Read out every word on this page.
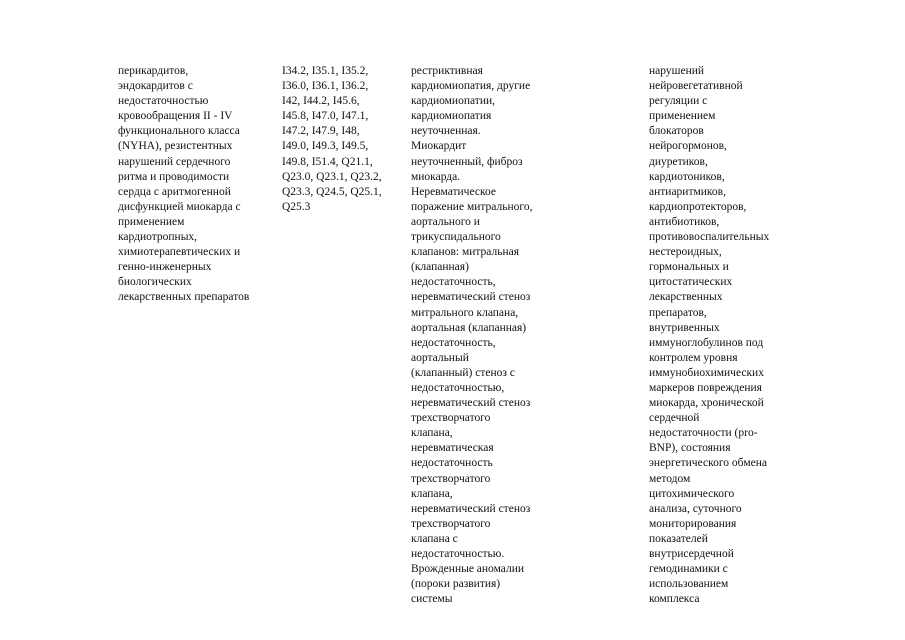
перикардитов,
эндокардитов с
недостаточностью
кровообращения II - IV
функционального класса
(NYHA), резистентных
нарушений сердечного
ритма и проводимости
сердца с аритмогенной
дисфункцией миокарда с
применением
кардиотропных,
химиотерапевтических и
генно-инженерных
биологических
лекарственных препаратов
I34.2, I35.1, I35.2,
I36.0, I36.1, I36.2,
I42, I44.2, I45.6,
I45.8, I47.0, I47.1,
I47.2, I47.9, I48,
I49.0, I49.3, I49.5,
I49.8, I51.4, Q21.1,
Q23.0, Q23.1, Q23.2,
Q23.3, Q24.5, Q25.1,
Q25.3
рестриктивная
кардиомиопатия, другие
кардиомиопатии,
кардиомиопатия
неуточненная.
Миокардит
неуточненный, фиброз
миокарда.
Неревматическое
поражение митрального,
аортального и
трикуспидального
клапанов: митральная
(клапанная)
недостаточность,
неревматический стеноз
митрального клапана,
аортальная (клапанная)
недостаточность,
аортальный
(клапанный) стеноз с
недостаточностью,
неревматический стеноз
трехстворчатого
клапана,
неревматическая
недостаточность
трехстворчатого
клапана,
неревматический стеноз
трехстворчатого
клапана с
недостаточностью.
Врожденные аномалии
(пороки развития)
системы
нарушений
нейровегетативной
регуляции с
применением
блокаторов
нейрогормонов,
диуретиков,
кардиотоников,
антиаритмиков,
кардиопротекторов,
антибиотиков,
противовоспалительных
нестероидных,
гормональных и
цитостатических
лекарственных
препаратов,
внутривенных
иммуноглобулинов под
контролем уровня
иммунобиохимических
маркеров повреждения
миокарда, хронической
сердечной
недостаточности (pro-
BNP), состояния
энергетического обмена
методом
цитохимического
анализа, суточного
мониторирования
показателей
внутрисердечной
гемодинамики с
использованием
комплекса
